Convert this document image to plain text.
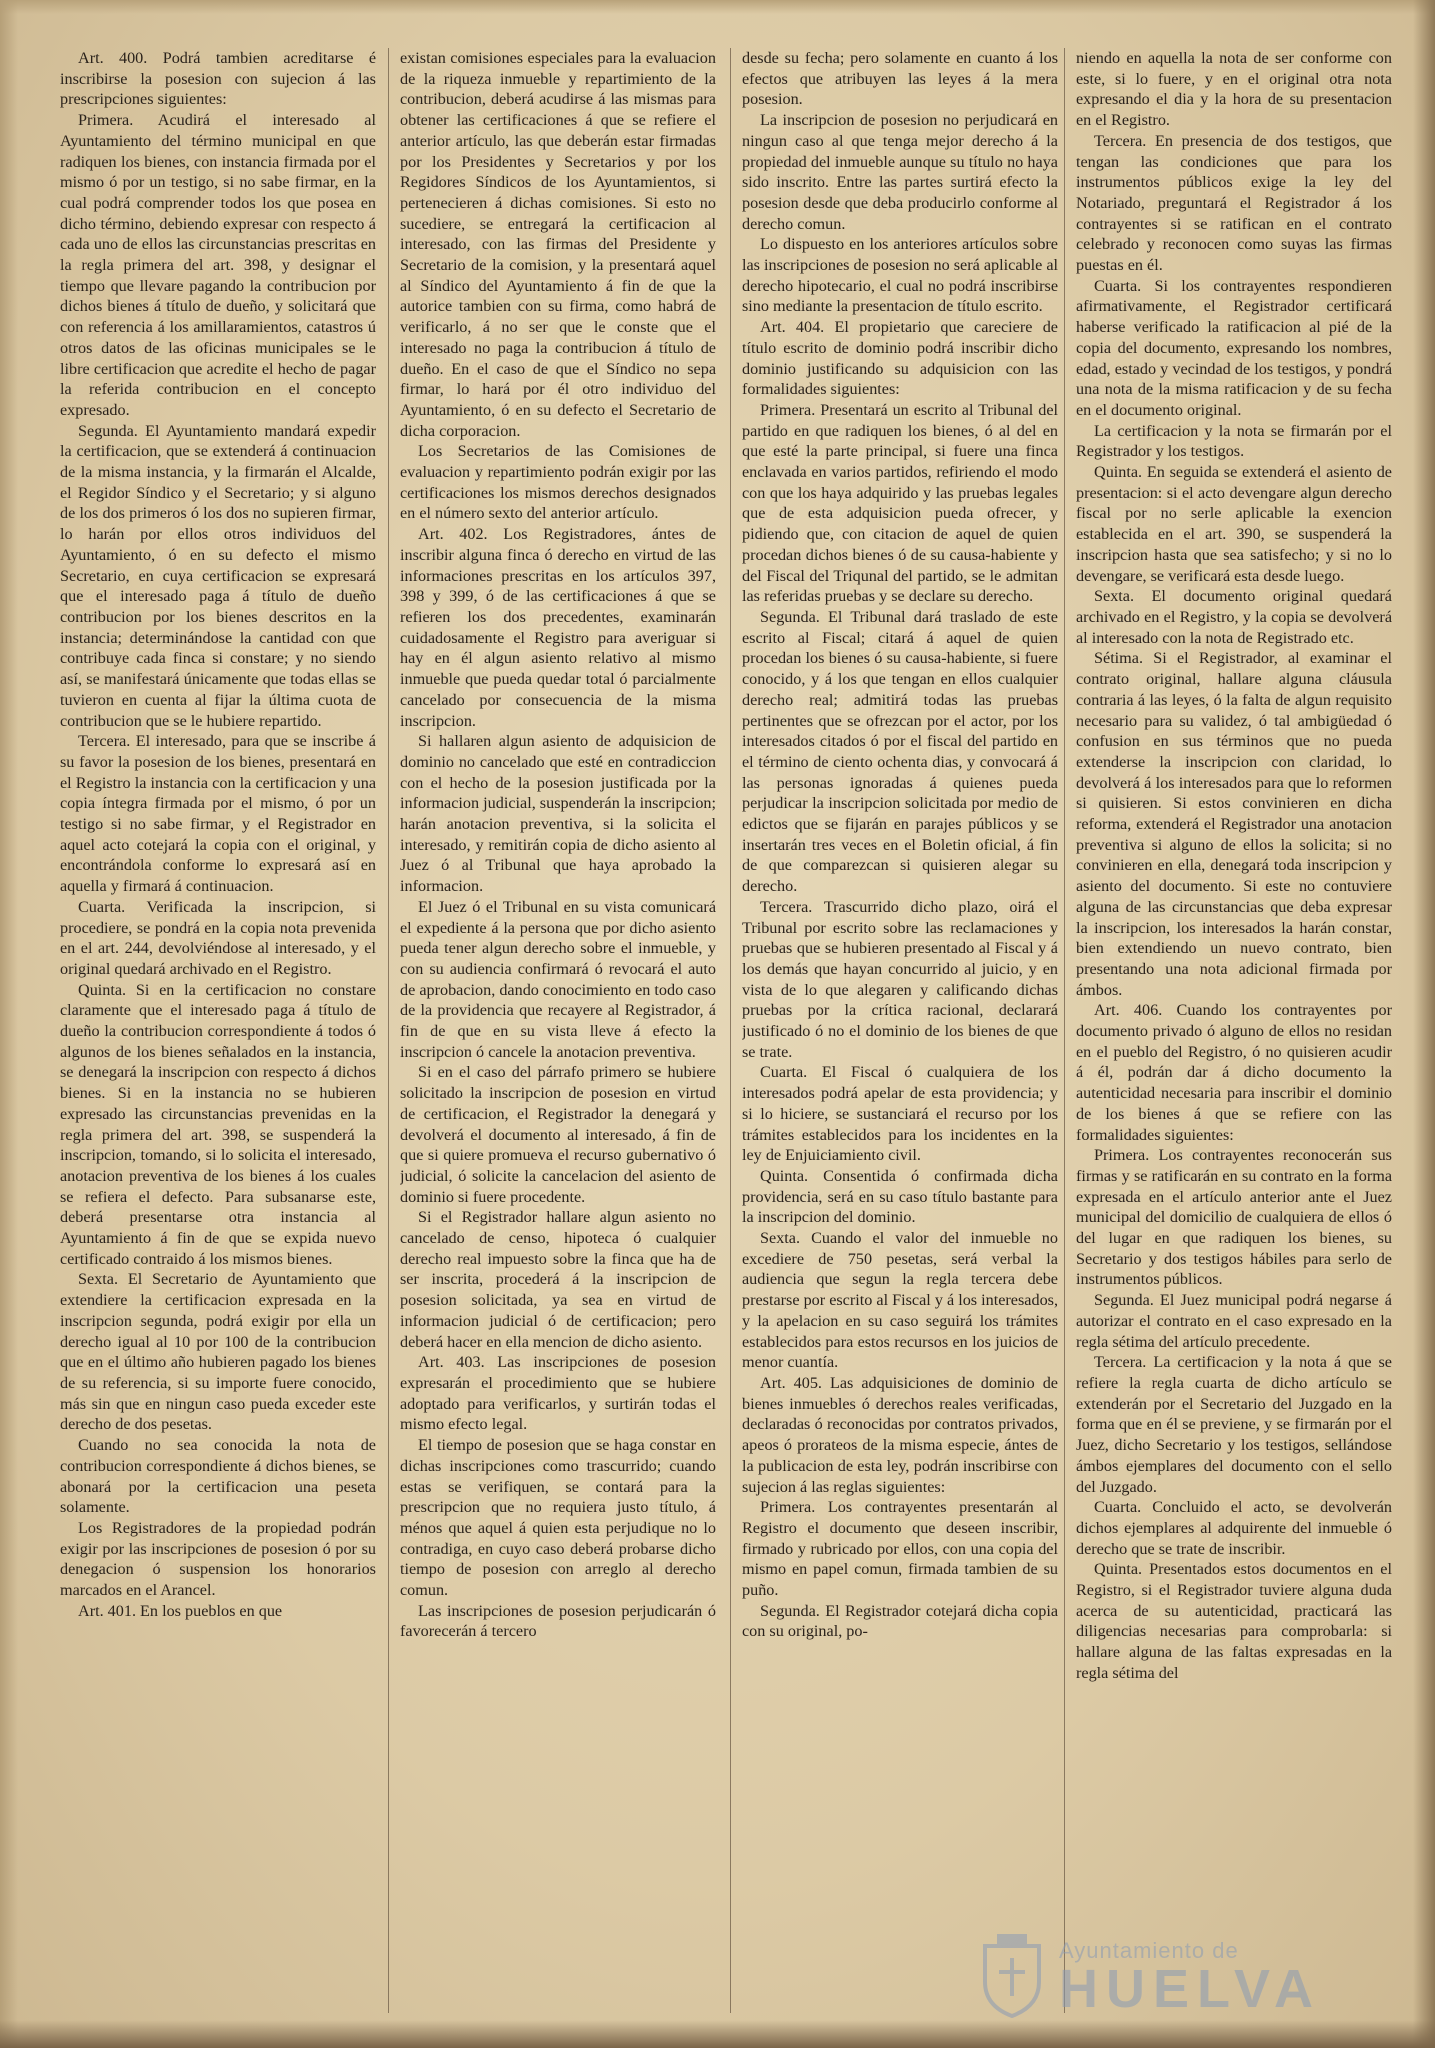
Art. 400. Podrá tambien acreditarse é inscribirse la posesion con sujecion á las prescripciones siguientes:

Primera. Acudirá el interesado al Ayuntamiento del término municipal en que radiquen los bienes, con instancia firmada por el mismo ó por un testigo, si no sabe firmar, en la cual podrá comprender todos los que posea en dicho término, debiendo expresar con respecto á cada uno de ellos las circunstancias prescritas en la regla primera del art. 398, y designar el tiempo que llevare pagando la contribucion por dichos bienes á título de dueño, y solicitará que con referencia á los amillaramientos, catastros ú otros datos de las oficinas municipales se le libre certificacion que acredite el hecho de pagar la referida contribucion en el concepto expresado.

Segunda. El Ayuntamiento mandará expedir la certificacion, que se extenderá á continuacion de la misma instancia, y la firmarán el Alcalde, el Regidor Síndico y el Secretario; y si alguno de los dos primeros ó los dos no supieren firmar, lo harán por ellos otros individuos del Ayuntamiento, ó en su defecto el mismo Secretario, en cuya certificacion se expresará que el interesado paga á título de dueño contribucion por los bienes descritos en la instancia; determinándose la cantidad con que contribuye cada finca si constare; y no siendo así, se manifestará únicamente que todas ellas se tuvieron en cuenta al fijar la última cuota de contribucion que se le hubiere repartido.

Tercera. El interesado, para que se inscribe á su favor la posesion de los bienes, presentará en el Registro la instancia con la certificacion y una copia íntegra firmada por el mismo, ó por un testigo si no sabe firmar, y el Registrador en aquel acto cotejará la copia con el original, y encontrándola conforme lo expresará así en aquella y firmará á continuacion.

Cuarta. Verificada la inscripcion, si procediere, se pondrá en la copia nota prevenida en el art. 244, devolviéndose al interesado, y el original quedará archivado en el Registro.

Quinta. Si en la certificacion no constare claramente que el interesado paga á título de dueño la contribucion correspondiente á todos ó algunos de los bienes señalados en la instancia, se denegará la inscripcion con respecto á dichos bienes. Si en la instancia no se hubieren expresado las circunstancias prevenidas en la regla primera del art. 398, se suspenderá la inscripcion, tomando, si lo solicita el interesado, anotacion preventiva de los bienes á los cuales se refiera el defecto. Para subsanarse este, deberá presentarse otra instancia al Ayuntamiento á fin de que se expida nuevo certificado contraido á los mismos bienes.

Sexta. El Secretario de Ayuntamiento que extendiere la certificacion expresada en la inscripcion segunda, podrá exigir por ella un derecho igual al 10 por 100 de la contribucion que en el último año hubieren pagado los bienes de su referencia, si su importe fuere conocido, más sin que en ningun caso pueda exceder este derecho de dos pesetas.

Cuando no sea conocida la nota de contribucion correspondiente á dichos bienes, se abonará por la certificacion una peseta solamente.

Los Registradores de la propiedad podrán exigir por las inscripciones de posesion ó por su denegacion ó suspension los honorarios marcados en el Arancel.

Art. 401. En los pueblos en que

existan comisiones especiales para la evaluacion de la riqueza inmueble y repartimiento de la contribucion, deberá acudirse á las mismas para obtener las certificaciones á que se refiere el anterior artículo, las que deberán estar firmadas por los Presidentes y Secretarios y por los Regidores Síndicos de los Ayuntamientos, si pertenecieren á dichas comisiones. Si esto no sucediere, se entregará la certificacion al interesado, con las firmas del Presidente y Secretario de la comision, y la presentará aquel al Síndico del Ayuntamiento á fin de que la autorice tambien con su firma, como habrá de verificarlo, á no ser que le conste que el interesado no paga la contribucion á título de dueño. En el caso de que el Síndico no sepa firmar, lo hará por él otro individuo del Ayuntamiento, ó en su defecto el Secretario de dicha corporacion.

Los Secretarios de las Comisiones de evaluacion y repartimiento podrán exigir por las certificaciones los mismos derechos designados en el número sexto del anterior artículo.

Art. 402. Los Registradores, ántes de inscribir alguna finca ó derecho en virtud de las informaciones prescritas en los artículos 397, 398 y 399, ó de las certificaciones á que se refieren los dos precedentes, examinarán cuidadosamente el Registro para averiguar si hay en él algun asiento relativo al mismo inmueble que pueda quedar total ó parcialmente cancelado por consecuencia de la misma inscripcion.

Si hallaren algun asiento de adquisicion de dominio no cancelado que esté en contradiccion con el hecho de la posesion justificada por la informacion judicial, suspenderán la inscripcion; harán anotacion preventiva, si la solicita el interesado, y remitirán copia de dicho asiento al Juez ó al Tribunal que haya aprobado la informacion.

El Juez ó el Tribunal en su vista comunicará el expediente á la persona que por dicho asiento pueda tener algun derecho sobre el inmueble, y con su audiencia confirmará ó revocará el auto de aprobacion, dando conocimiento en todo caso de la providencia que recayere al Registrador, á fin de que en su vista lleve á efecto la inscripcion ó cancele la anotacion preventiva.

Si en el caso del párrafo primero se hubiere solicitado la inscripcion de posesion en virtud de certificacion, el Registrador la denegará y devolverá el documento al interesado, á fin de que si quiere promueva el recurso gubernativo ó judicial, ó solicite la cancelacion del asiento de dominio si fuere procedente.

Si el Registrador hallare algun asiento no cancelado de censo, hipoteca ó cualquier derecho real impuesto sobre la finca que ha de ser inscrita, procederá á la inscripcion de posesion solicitada, ya sea en virtud de informacion judicial ó de certificacion; pero deberá hacer en ella mencion de dicho asiento.

Art. 403. Las inscripciones de posesion expresarán el procedimiento que se hubiere adoptado para verificarlos, y surtirán todas el mismo efecto legal.

El tiempo de posesion que se haga constar en dichas inscripciones como trascurrido; cuando estas se verifiquen, se contará para la prescripcion que no requiera justo título, á ménos que aquel á quien esta perjudique no lo contradiga, en cuyo caso deberá probarse dicho tiempo de posesion con arreglo al derecho comun.

Las inscripciones de posesion perjudicarán ó favorecerán á tercero

desde su fecha; pero solamente en cuanto á los efectos que atribuyen las leyes á la mera posesion.

La inscripcion de posesion no perjudicará en ningun caso al que tenga mejor derecho á la propiedad del inmueble aunque su título no haya sido inscrito. Entre las partes surtirá efecto la posesion desde que deba producirlo conforme al derecho comun.

Lo dispuesto en los anteriores artículos sobre las inscripciones de posesion no será aplicable al derecho hipotecario, el cual no podrá inscribirse sino mediante la presentacion de título escrito.

Art. 404. El propietario que careciere de título escrito de dominio podrá inscribir dicho dominio justificando su adquisicion con las formalidades siguientes:

Primera. Presentará un escrito al Tribunal del partido en que radiquen los bienes, ó al del en que esté la parte principal, si fuere una finca enclavada en varios partidos, refiriendo el modo con que los haya adquirido y las pruebas legales que de esta adquisicion pueda ofrecer, y pidiendo que, con citacion de aquel de quien procedan dichos bienes ó de su causa-habiente y del Fiscal del Triqunal del partido, se le admitan las referidas pruebas y se declare su derecho.

Segunda. El Tribunal dará traslado de este escrito al Fiscal; citará á aquel de quien procedan los bienes ó su causa-habiente, si fuere conocido, y á los que tengan en ellos cualquier derecho real; admitirá todas las pruebas pertinentes que se ofrezcan por el actor, por los interesados citados ó por el fiscal del partido en el término de ciento ochenta dias, y convocará á las personas ignoradas á quienes pueda perjudicar la inscripcion solicitada por medio de edictos que se fijarán en parajes públicos y se insertarán tres veces en el Boletin oficial, á fin de que comparezcan si quisieren alegar su derecho.

Tercera. Trascurrido dicho plazo, oirá el Tribunal por escrito sobre las reclamaciones y pruebas que se hubieren presentado al Fiscal y á los demás que hayan concurrido al juicio, y en vista de lo que alegaren y calificando dichas pruebas por la crítica racional, declarará justificado ó no el dominio de los bienes de que se trate.

Cuarta. El Fiscal ó cualquiera de los interesados podrá apelar de esta providencia; y si lo hiciere, se sustanciará el recurso por los trámites establecidos para los incidentes en la ley de Enjuiciamiento civil.

Quinta. Consentida ó confirmada dicha providencia, será en su caso título bastante para la inscripcion del dominio.

Sexta. Cuando el valor del inmueble no excediere de 750 pesetas, será verbal la audiencia que segun la regla tercera debe prestarse por escrito al Fiscal y á los interesados, y la apelacion en su caso seguirá los trámites establecidos para estos recursos en los juicios de menor cuantía.

Art. 405. Las adquisiciones de dominio de bienes inmuebles ó derechos reales verificadas, declaradas ó reconocidas por contratos privados, apeos ó prorateos de la misma especie, ántes de la publicacion de esta ley, podrán inscribirse con sujecion á las reglas siguientes:

Primera. Los contrayentes presentarán al Registro el documento que deseen inscribir, firmado y rubricado por ellos, con una copia del mismo en papel comun, firmada tambien de su puño.

Segunda. El Registrador cotejará dicha copia con su original, po-

niendo en aquella la nota de ser conforme con este, si lo fuere, y en el original otra nota expresando el dia y la hora de su presentacion en el Registro.

Tercera. En presencia de dos testigos, que tengan las condiciones que para los instrumentos públicos exige la ley del Notariado, preguntará el Registrador á los contrayentes si se ratifican en el contrato celebrado y reconocen como suyas las firmas puestas en él.

Cuarta. Si los contrayentes respondieren afirmativamente, el Registrador certificará haberse verificado la ratificacion al pié de la copia del documento, expresando los nombres, edad, estado y vecindad de los testigos, y pondrá una nota de la misma ratificacion y de su fecha en el documento original.

La certificacion y la nota se firmarán por el Registrador y los testigos.

Quinta. En seguida se extenderá el asiento de presentacion: si el acto devengare algun derecho fiscal por no serle aplicable la exencion establecida en el art. 390, se suspenderá la inscripcion hasta que sea satisfecho; y si no lo devengare, se verificará esta desde luego.

Sexta. El documento original quedará archivado en el Registro, y la copia se devolverá al interesado con la nota de Registrado etc.

Sétima. Si el Registrador, al examinar el contrato original, hallare alguna cláusula contraria á las leyes, ó la falta de algun requisito necesario para su validez, ó tal ambigüedad ó confusion en sus términos que no pueda extenderse la inscripcion con claridad, lo devolverá á los interesados para que lo reformen si quisieren. Si estos convinieren en dicha reforma, extenderá el Registrador una anotacion preventiva si alguno de ellos la solicita; si no convinieren en ella, denegará toda inscripcion y asiento del documento. Si este no contuviere alguna de las circunstancias que deba expresar la inscripcion, los interesados la harán constar, bien extendiendo un nuevo contrato, bien presentando una nota adicional firmada por ámbos.

Art. 406. Cuando los contrayentes por documento privado ó alguno de ellos no residan en el pueblo del Registro, ó no quisieren acudir á él, podrán dar á dicho documento la autenticidad necesaria para inscribir el dominio de los bienes á que se refiere con las formalidades siguientes:

Primera. Los contrayentes reconocerán sus firmas y se ratificarán en su contrato en la forma expresada en el artículo anterior ante el Juez municipal del domicilio de cualquiera de ellos ó del lugar en que radiquen los bienes, su Secretario y dos testigos hábiles para serlo de instrumentos públicos.

Segunda. El Juez municipal podrá negarse á autorizar el contrato en el caso expresado en la regla sétima del artículo precedente.

Tercera. La certificacion y la nota á que se refiere la regla cuarta de dicho artículo se extenderán por el Secretario del Juzgado en la forma que en él se previene, y se firmarán por el Juez, dicho Secretario y los testigos, sellándose ámbos ejemplares del documento con el sello del Juzgado.

Cuarta. Concluido el acto, se devolverán dichos ejemplares al adquirente del inmueble ó derecho que se trate de inscribir.

Quinta. Presentados estos documentos en el Registro, si el Registrador tuviere alguna duda acerca de su autenticidad, practicará las diligencias necesarias para comprobarla: si hallare alguna de las faltas expresadas en la regla sétima del

Ayuntamiento de
HUELVA
